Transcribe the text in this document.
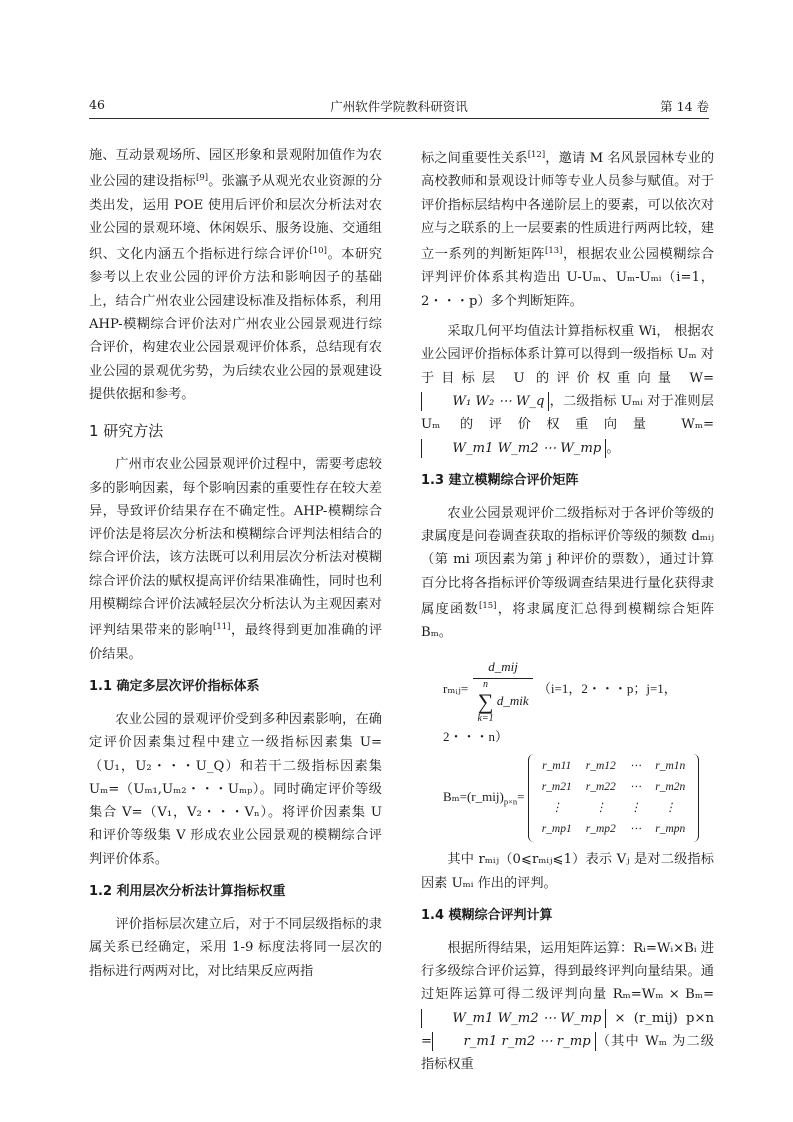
46	广州软件学院教科研资讯	第 14 卷

施、互动景观场所、园区形象和景观附加值作为农业公园的建设指标[9]。张瀛予从观光农业资源的分类出发，运用 POE 使用后评价和层次分析法对农业公园的景观环境、休闲娱乐、服务设施、交通组织、文化内涵五个指标进行综合评价[10]。本研究参考以上农业公园的评价方法和影响因子的基础上，结合广州农业公园建设标准及指标体系，利用 AHP-模糊综合评价法对广州农业公园景观进行综合评价，构建农业公园景观评价体系，总结现有农业公园的景观优劣势，为后续农业公园的景观建设提供依据和参考。

1 研究方法

广州市农业公园景观评价过程中，需要考虑较多的影响因素，每个影响因素的重要性存在较大差异，导致评价结果存在不确定性。AHP-模糊综合评价法是将层次分析法和模糊综合评判法相结合的综合评价法，该方法既可以利用层次分析法对模糊综合评价法的赋权提高评价结果准确性，同时也利用模糊综合评价法减轻层次分析法认为主观因素对评判结果带来的影响[11]，最终得到更加准确的评价结果。

1.1 确定多层次评价指标体系

农业公园的景观评价受到多种因素影响，在确定评价因素集过程中建立一级指标因素集 U=（U₁，U₂・・・U_Q）和若干二级指标因素集 Uₘ=（Uₘ₁,Uₘ₂・・・Uₘₚ）。同时确定评价等级集合 V=（V₁，V₂・・・Vₙ）。将评价因素集 U 和评价等级集 V 形成农业公园景观的模糊综合评判评价体系。

1.2 利用层次分析法计算指标权重

评价指标层次建立后，对于不同层级指标的隶属关系已经确定，采用 1-9 标度法将同一层次的指标进行两两对比，对比结果反应两指

标之间重要性关系[12]，邀请 M 名风景园林专业的高校教师和景观设计师等专业人员参与赋值。对于评价指标层结构中各递阶层上的要素，可以依次对应与之联系的上一层要素的性质进行两两比较，建立一系列的判断矩阵[13]，根据农业公园模糊综合评判评价体系其构造出 U-Uₘ、Uₘ-Uₘᵢ（i=1，2・・・p）多个判断矩阵。

采取几何平均值法计算指标权重 Wi， 根据农业公园评价指标体系计算可以得到一级指标 Uₘ 对于目标层 U 的评价权重向量 W=W₁ W₂ ⋯ W_q ，二级指标 Uₘᵢ 对于准则层 Uₘ 的评价权重向量 Wₘ=W_m1 W_m2 ⋯ W_mp 。

1.3 建立模糊综合评价矩阵

农业公园景观评价二级指标对于各评价等级的隶属度是问卷调查获取的指标评价等级的频数 dₘᵢⱼ（第 mi 项因素为第 j 种评价的票数），通过计算百分比将各指标评价等级调查结果进行量化获得隶属度函数[15]，将隶属度汇总得到模糊综合矩阵 Bₘ。

rₘᵢⱼ= d_mij
n
∑
k=1
d_mik （i=1，2・・・p；j=1，2・・・n）
$B_m=(r\_mij)_{p\times n}=$
r_m11	r_m12	⋯	r_m1n
r_m21	r_m22	⋯	r_m2n
⋮	⋮	⋮	⋮
r_mp1	r_mp2	⋯	r_mpn

其中 rₘᵢⱼ（0⩽rₘᵢⱼ⩽1）表示 Vⱼ 是对二级指标因素 Uₘᵢ 作出的评判。

1.4 模糊综合评判计算

根据所得结果，运用矩阵运算：Rᵢ=Wᵢ×Bᵢ 进行多级综合评价运算，得到最终评判向量结果。通过矩阵运算可得二级评判向量 Rₘ=Wₘ × Bₘ=W_m1 W_m2 ⋯ W_mp × (r_mij) p×n = r_m1 r_m2 ⋯ r_mp （其中 Wₘ 为二级指标权重
